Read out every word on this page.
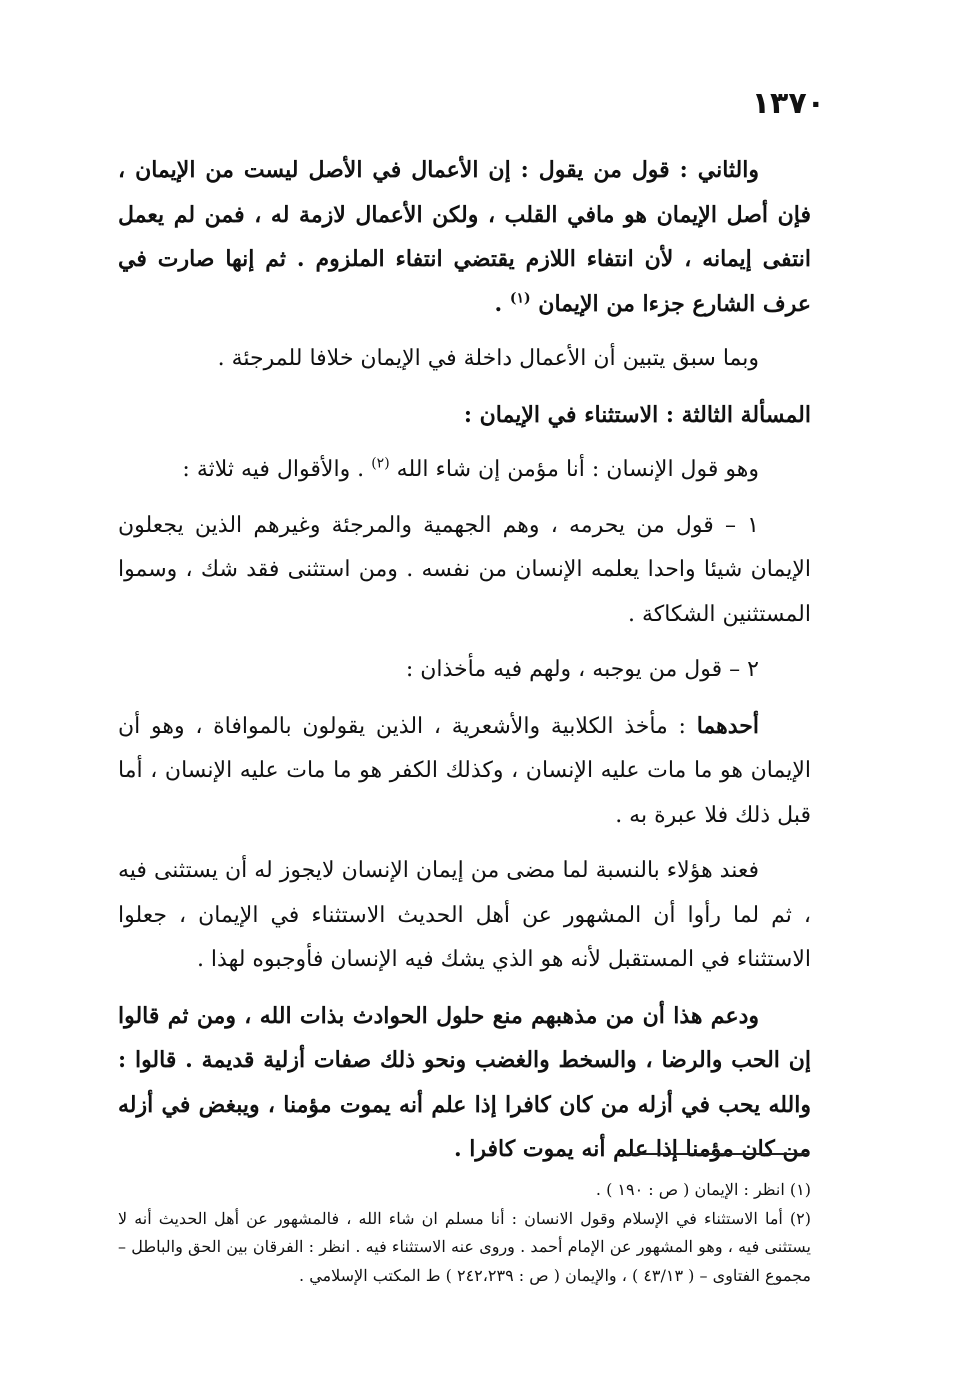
١٣٧٠

والثاني : قول من يقول : إن الأعمال في الأصل ليست من الإيمان ، فإن أصل الإيمان هو مافي القلب ، ولكن الأعمال لازمة له ، فمن لم يعمل انتفى إيمانه ، لأن انتفاء اللازم يقتضي انتفاء الملزوم . ثم إنها صارت في عرف الشارع جزءا من الإيمان $^{(١)}$ .

وبما سبق يتبين أن الأعمال داخلة في الإيمان خلافا للمرجئة .

المسألة الثالثة : الاستثناء في الإيمان :

وهو قول الإنسان : أنا مؤمن إن شاء الله $^{(٢)}$ . والأقوال فيه ثلاثة :

١ – قول من يحرمه ، وهم الجهمية والمرجئة وغيرهم الذين يجعلون الإيمان شيئا واحدا يعلمه الإنسان من نفسه . ومن استثنى فقد شك ، وسموا المستثنين الشكاكة .

٢ – قول من يوجبه ، ولهم فيه مأخذان :

أحدهما : مأخذ الكلابية والأشعرية ، الذين يقولون بالموافاة ، وهو أن الإيمان هو ما مات عليه الإنسان ، وكذلك الكفر هو ما مات عليه الإنسان ، أما قبل ذلك فلا عبرة به .

فعند هؤلاء بالنسبة لما مضى من إيمان الإنسان لايجوز له أن يستثنى فيه ، ثم لما رأوا أن المشهور عن أهل الحديث الاستثناء في الإيمان ، جعلوا الاستثناء في المستقبل لأنه هو الذي يشك فيه الإنسان فأوجبوه لهذا .

ودعم هذا أن من مذهبهم منع حلول الحوادث بذات الله ، ومن ثم قالوا إن الحب والرضا ، والسخط والغضب ونحو ذلك صفات أزلية قديمة . قالوا : والله يحب في أزله من كان كافرا إذا علم أنه يموت مؤمنا ، ويبغض في أزله من كان مؤمنا إذا علم أنه يموت كافرا .

(١) انظر : الإيمان ( ص : ١٩٠ ) .

(٢) أما الاستثناء في الإسلام وقول الانسان : أنا مسلم ان شاء الله ، فالمشهور عن أهل الحديث أنه لا يستثنى فيه ، وهو المشهور عن الإمام أحمد . وروى عنه الاستثناء فيه . انظر : الفرقان بين الحق والباطل – مجموع الفتاوى – ( ٤٣/١٣ ) ، والإيمان ( ص : ٢٤٢،٢٣٩ ) ط المكتب الإسلامي .
